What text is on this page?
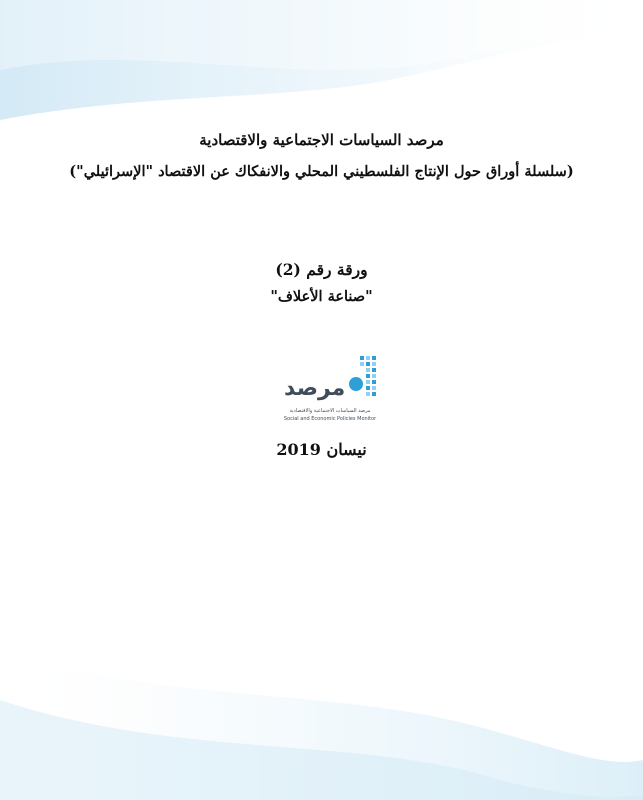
مرصد السياسات الاجتماعية والاقتصادية
(سلسلة أوراق حول الإنتاج الفلسطيني المحلي والانفكاك عن الاقتصاد "الإسرائيلي")
ورقة رقم (2)
"صناعة الأعلاف"
مرصد
مرصد السياسات الاجتماعية والاقتصادية
Social and Economic Policies Monitor
نيسان 2019
